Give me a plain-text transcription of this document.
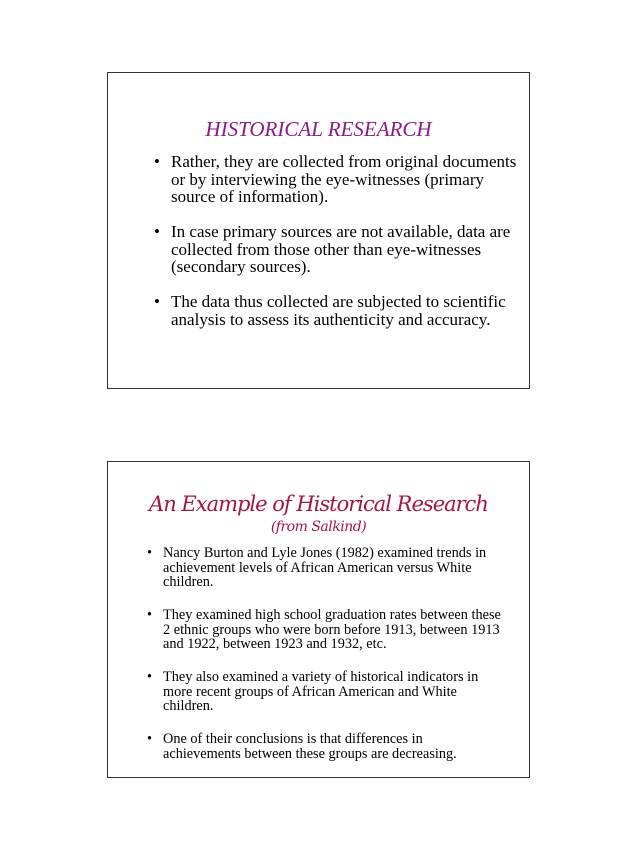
HISTORICAL RESEARCH
• Rather, they are collected from original documents
or by interviewing the eye-witnesses (primary
source of information).
• In case primary sources are not available, data are
collected from those other than eye-witnesses
(secondary sources).
• The data thus collected are subjected to scientific
analysis to assess its authenticity and accuracy.
An Example of Historical Research
(from Salkind)
• Nancy Burton and Lyle Jones (1982) examined trends in
achievement levels of African American versus White
children.
• They examined high school graduation rates between these
2 ethnic groups who were born before 1913, between 1913
and 1922, between 1923 and 1932, etc.
• They also examined a variety of historical indicators in
more recent groups of African American and White
children.
• One of their conclusions is that differences in
achievements between these groups are decreasing.
